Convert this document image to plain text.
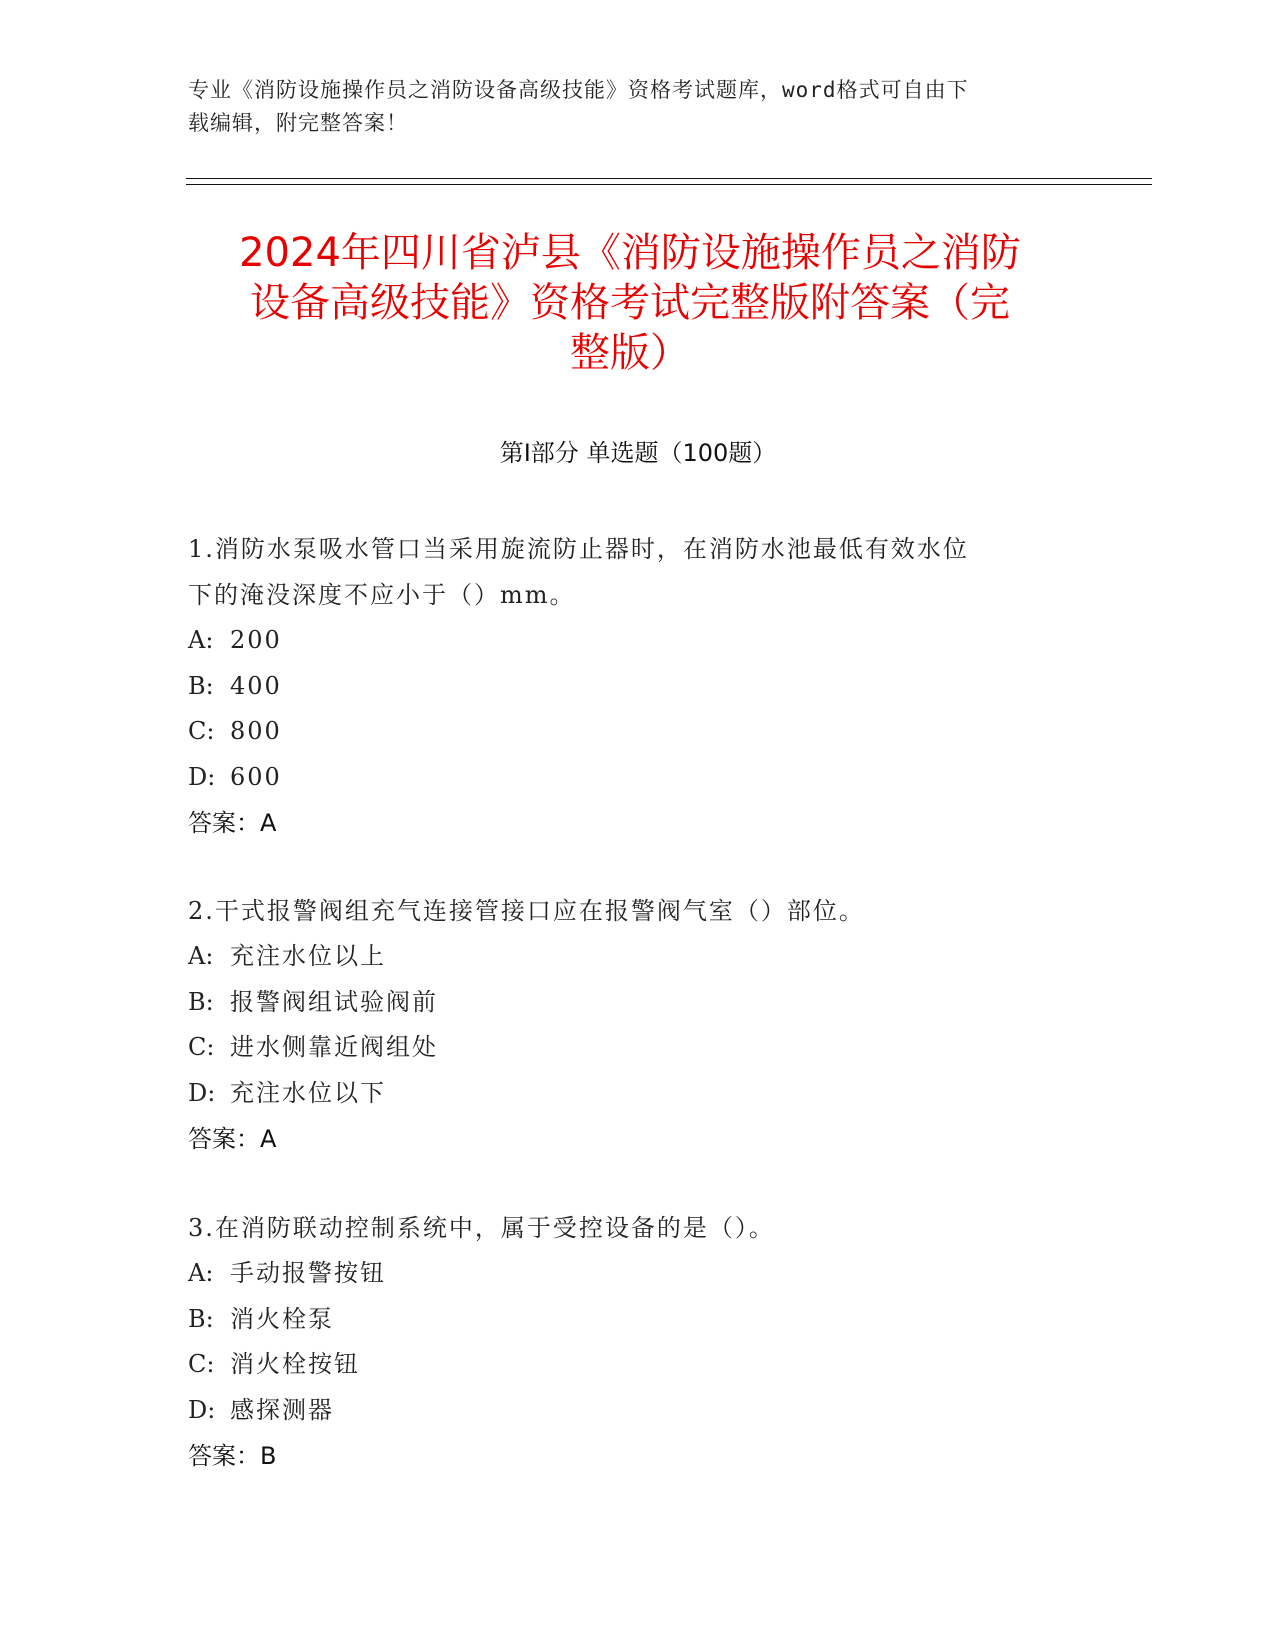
专业《消防设施操作员之消防设备高级技能》资格考试题库，word格式可自由下
载编辑，附完整答案！
2024年四川省泸县《消防设施操作员之消防
设备高级技能》资格考试完整版附答案（完
整版）
第Ⅰ部分 单选题（100题）

1.消防水泵吸水管口当采用旋流防止器时，在消防水池最低有效水位
下的淹没深度不应小于（）mm。

A: 200

B: 400

C: 800

D: 600

答案：A

2.干式报警阀组充气连接管接口应在报警阀气室（）部位。

A: 充注水位以上

B: 报警阀组试验阀前

C: 进水侧靠近阀组处

D: 充注水位以下

答案：A

3.在消防联动控制系统中，属于受控设备的是（）。

A: 手动报警按钮

B: 消火栓泵

C: 消火栓按钮

D: 感探测器

答案：B
